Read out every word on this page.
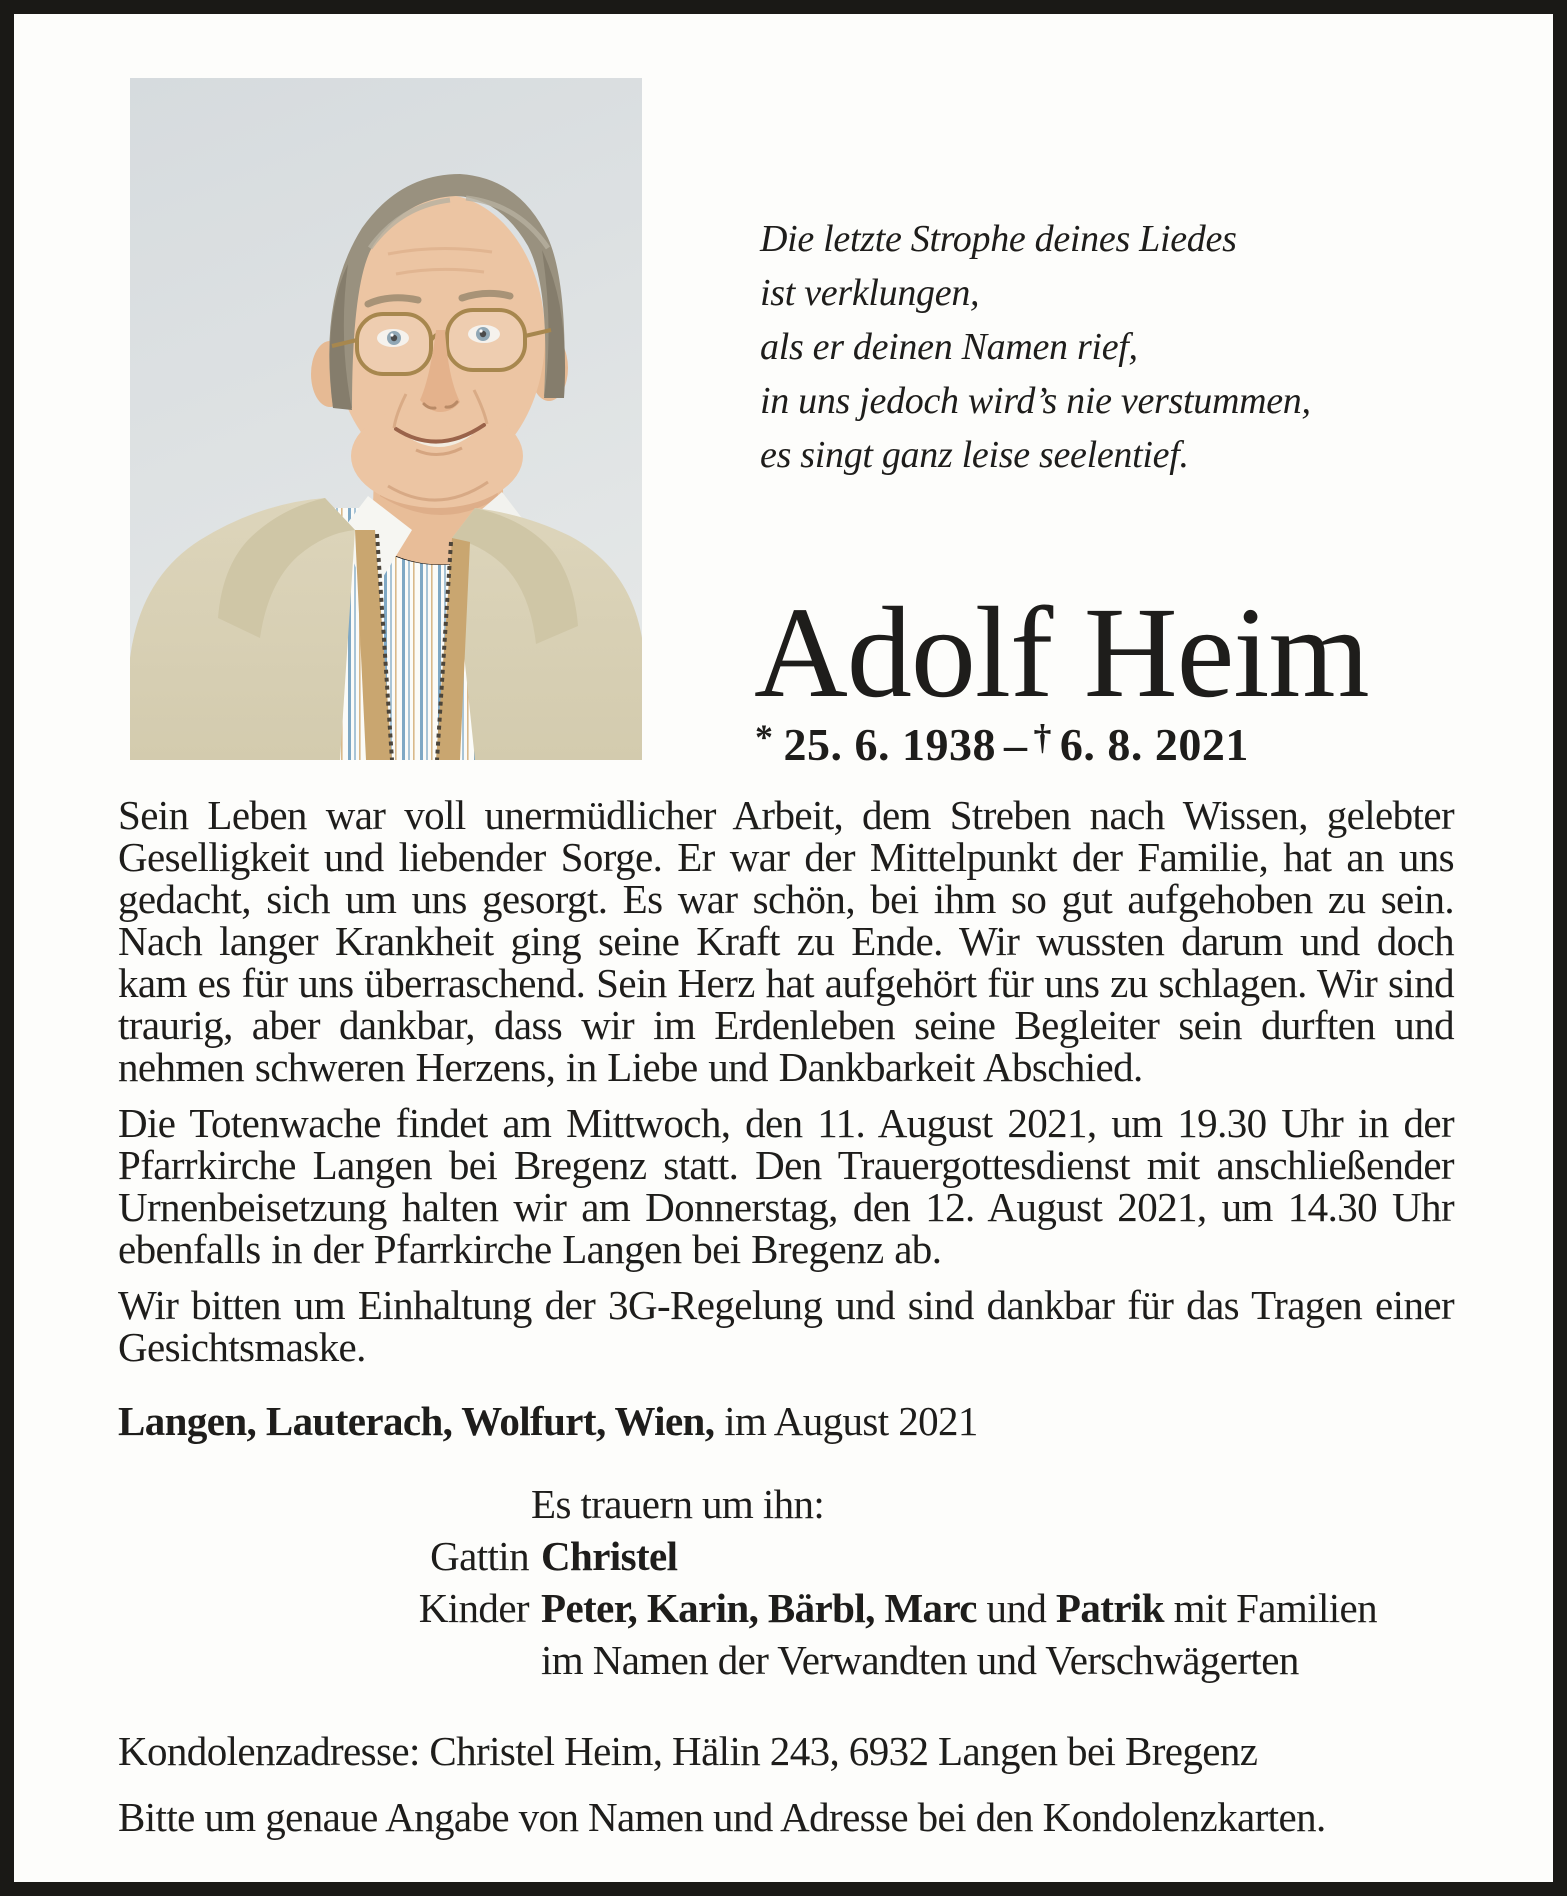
Die letzte Strophe deines Liedes
ist verklungen,
als er deinen Namen rief,
in uns jedoch wird’s nie verstummen,
es singt ganz leise seelentief.
Adolf Heim
* 25. 6. 1938 – † 6. 8. 2021

Sein Leben war voll unermüdlicher Arbeit, dem Streben nach Wissen, gelebter Geselligkeit und liebender Sorge. Er war der Mittelpunkt der Familie, hat an uns gedacht, sich um uns gesorgt. Es war schön, bei ihm so gut aufgehoben zu sein. Nach langer Krankheit ging seine Kraft zu Ende. Wir wussten darum und doch kam es für uns überraschend. Sein Herz hat aufgehört für uns zu schlagen. Wir sind traurig, aber dankbar, dass wir im Erdenleben seine Begleiter sein durften und nehmen schweren Herzens, in Liebe und Dankbarkeit Abschied.

Die Totenwache findet am Mittwoch, den 11. August 2021, um 19.30 Uhr in der Pfarrkirche Langen bei Bregenz statt. Den Trauergottesdienst mit anschließender Urnenbeisetzung halten wir am Donnerstag, den 12. August 2021, um 14.30 Uhr ebenfalls in der Pfarrkirche Langen bei Bregenz ab.

Wir bitten um Einhaltung der 3G-Regelung und sind dankbar für das Tragen einer Gesichtsmaske.

Langen, Lauterach, Wolfurt, Wien, im August 2021
Es trauern um ihn:
Gattin Christel
Kinder Peter, Karin, Bärbl, Marc und Patrik mit Familien
im Namen der Verwandten und Verschwägerten
Kondolenzadresse: Christel Heim, Hälin 243, 6932 Langen bei Bregenz
Bitte um genaue Angabe von Namen und Adresse bei den Kondolenzkarten.
